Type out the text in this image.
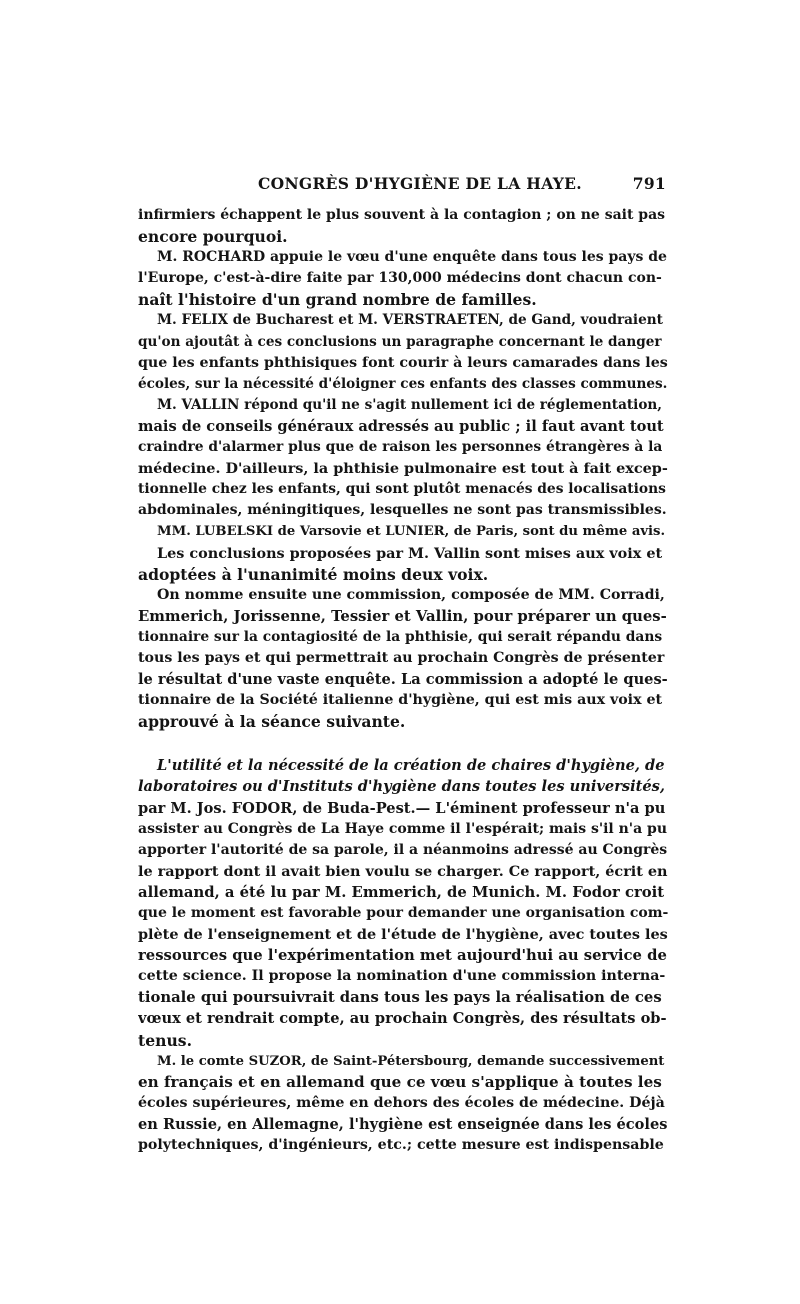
CONGRÈS D'HYGIÈNE DE LA HAYE.	791

infirmiers échappent le plus souvent à la contagion ; on ne sait pas
encore pourquoi.

M. ROCHARD appuie le vœu d'une enquête dans tous les pays de
l'Europe, c'est-à-dire faite par 130,000 médecins dont chacun con-
naît l'histoire d'un grand nombre de familles.

M. FELIX de Bucharest et M. VERSTRAETEN, de Gand, voudraient
qu'on ajoutât à ces conclusions un paragraphe concernant le danger
que les enfants phthisiques font courir à leurs camarades dans les
écoles, sur la nécessité d'éloigner ces enfants des classes communes.

M. VALLIN répond qu'il ne s'agit nullement ici de réglementation,
mais de conseils généraux adressés au public ; il faut avant tout
craindre d'alarmer plus que de raison les personnes étrangères à la
médecine. D'ailleurs, la phthisie pulmonaire est tout à fait excep-
tionnelle chez les enfants, qui sont plutôt menacés des localisations
abdominales, méningitiques, lesquelles ne sont pas transmissibles.

MM. LUBELSKI de Varsovie et LUNIER, de Paris, sont du même avis.

Les conclusions proposées par M. Vallin sont mises aux voix et
adoptées à l'unanimité moins deux voix.

On nomme ensuite une commission, composée de MM. Corradi,
Emmerich, Jorissenne, Tessier et Vallin, pour préparer un ques-
tionnaire sur la contagiosité de la phthisie, qui serait répandu dans
tous les pays et qui permettrait au prochain Congrès de présenter
le résultat d'une vaste enquête. La commission a adopté le ques-
tionnaire de la Société italienne d'hygiène, qui est mis aux voix et
approuvé à la séance suivante.

L'utilité et la nécessité de la création de chaires d'hygiène, de
laboratoires ou d'Instituts d'hygiène dans toutes les universités,
par M. Jos. FODOR, de Buda-Pest.— L'éminent professeur n'a pu
assister au Congrès de La Haye comme il l'espérait; mais s'il n'a pu
apporter l'autorité de sa parole, il a néanmoins adressé au Congrès
le rapport dont il avait bien voulu se charger. Ce rapport, écrit en
allemand, a été lu par M. Emmerich, de Munich. M. Fodor croit
que le moment est favorable pour demander une organisation com-
plète de l'enseignement et de l'étude de l'hygiène, avec toutes les
ressources que l'expérimentation met aujourd'hui au service de
cette science. Il propose la nomination d'une commission interna-
tionale qui poursuivrait dans tous les pays la réalisation de ces
vœux et rendrait compte, au prochain Congrès, des résultats ob-
tenus.

M. le comte SUZOR, de Saint-Pétersbourg, demande successivement
en français et en allemand que ce vœu s'applique à toutes les
écoles supérieures, même en dehors des écoles de médecine. Déjà
en Russie, en Allemagne, l'hygiène est enseignée dans les écoles
polytechniques, d'ingénieurs, etc.; cette mesure est indispensable
